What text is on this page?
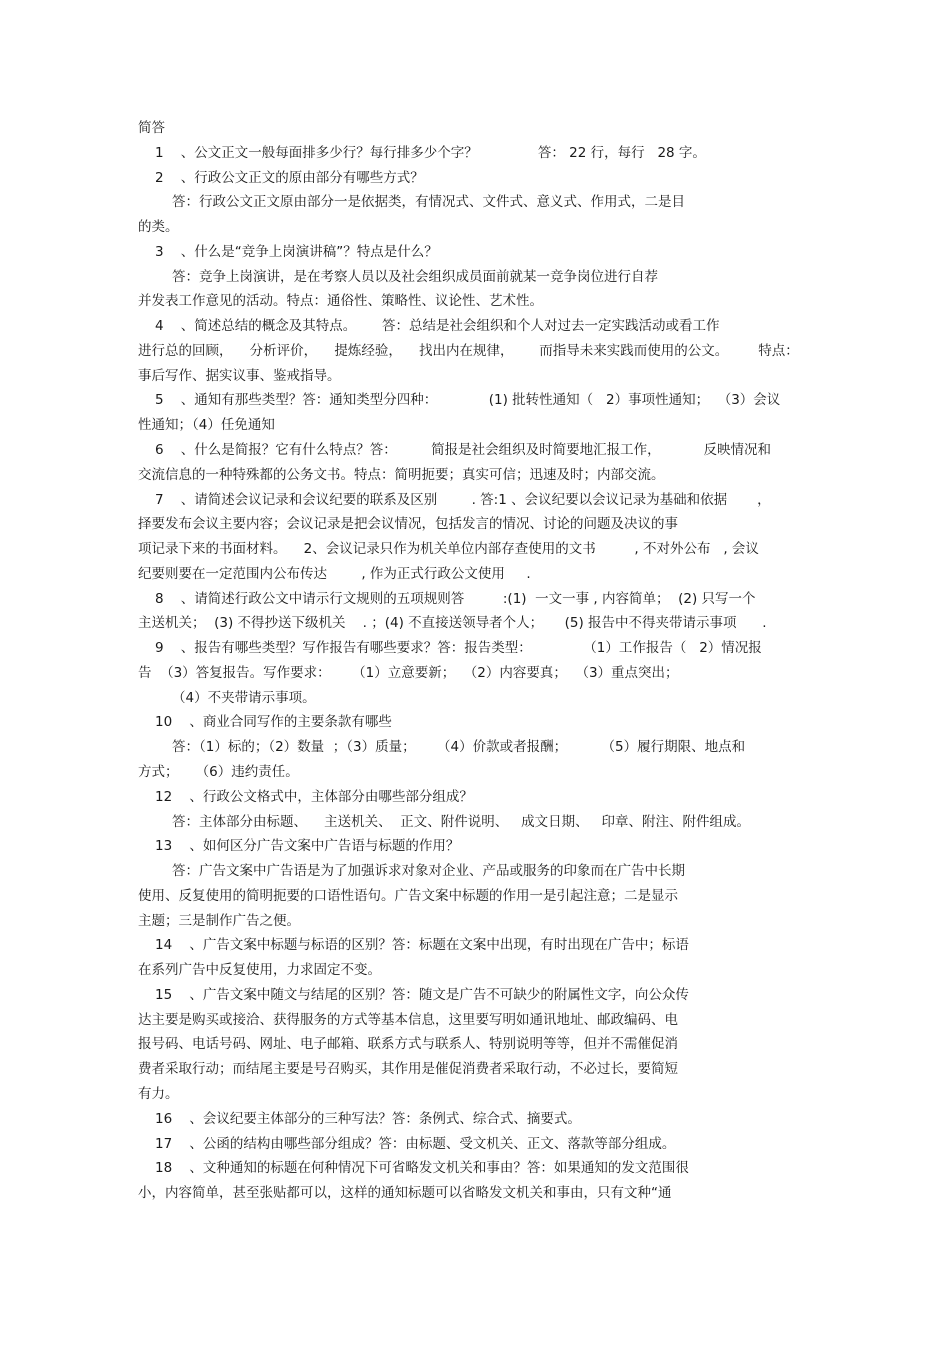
简答

1    、公文正文一般每面排多少行？每行排多少个字？              答： 22 行，每行   28 字。

2    、行政公文正文的原由部分有哪些方式？

答：行政公文正文原由部分一是依据类，有情况式、文件式、意义式、作用式，二是目

的类。

3    、什么是“竞争上岗演讲稿”？特点是什么？

答：竞争上岗演讲，是在考察人员以及社会组织成员面前就某一竞争岗位进行自荐

并发表工作意见的活动。特点：通俗性、策略性、议论性、艺术性。

4    、简述总结的概念及其特点。      答：总结是社会组织和个人对过去一定实践活动或看工作

进行总的回顾，    分析评价，    提炼经验，    找出内在规律，      而指导未来实践而使用的公文。       特点：

事后写作、据实议事、鉴戒指导。

5    、通知有那些类型？答：通知类型分四种：            (1) 批转性通知（   2）事项性通知；  （3）会议

性通知；（4）任免通知

6    、什么是简报？它有什么特点？答：        简报是社会组织及时简要地汇报工作，          反映情况和

交流信息的一种特殊都的公务文书。特点：简明扼要；真实可信；迅速及时；内部交流。

7    、请简述会议记录和会议纪要的联系及区别        . 答:1 、会议纪要以会议记录为基础和依据       ，

择要发布会议主要内容；会议记录是把会议情况，包括发言的情况、讨论的问题及决议的事

项记录下来的书面材料。    2、会议记录只作为机关单位内部存查使用的文书         , 不对外公布   , 会议

纪要则要在一定范围内公布传达        , 作为正式行政公文使用     .

8    、请简述行政公文中请示行文规则的五项规则答         :(1)  一文一事 , 内容简单；  (2) 只写一个

主送机关；  (3) 不得抄送下级机关    . ；(4) 不直接送领导者个人；     (5) 报告中不得夹带请示事项      .

9    、报告有哪些类型？写作报告有哪些要求？答：报告类型：            （1）工作报告（   2）情况报

告  （3）答复报告。写作要求：     （1）立意要新；  （2）内容要真；  （3）重点突出；

（4）不夹带请示事项。

10    、商业合同写作的主要条款有哪些

答：（1）标的；（2）数量  ；（3）质量；     （4）价款或者报酬；        （5）履行期限、地点和

方式；    （6）违约责任。

12    、行政公文格式中，主体部分由哪些部分组成？

答：主体部分由标题、    主送机关、  正文、附件说明、   成文日期、   印章、附注、附件组成。

13    、如何区分广告文案中广告语与标题的作用？

答：广告文案中广告语是为了加强诉求对象对企业、产品或服务的印象而在广告中长期

使用、反复使用的简明扼要的口语性语句。广告文案中标题的作用一是引起注意；二是显示

主题；三是制作广告之便。

14    、广告文案中标题与标语的区别？答：标题在文案中出现，有时出现在广告中；标语

在系列广告中反复使用，力求固定不变。

15    、广告文案中随文与结尾的区别？答：随文是广告不可缺少的附属性文字，向公众传

达主要是购买或接洽、获得服务的方式等基本信息，这里要写明如通讯地址、邮政编码、电

报号码、电话号码、网址、电子邮箱、联系方式与联系人、特别说明等等，但并不需催促消

费者采取行动；而结尾主要是号召购买，其作用是催促消费者采取行动，不必过长，要简短

有力。

16    、会议纪要主体部分的三种写法？答：条例式、综合式、摘要式。

17    、公函的结构由哪些部分组成？答：由标题、受文机关、正文、落款等部分组成。

18    、文种通知的标题在何种情况下可省略发文机关和事由？答：如果通知的发文范围很

小，内容简单，甚至张贴都可以，这样的通知标题可以省略发文机关和事由，只有文种“通
